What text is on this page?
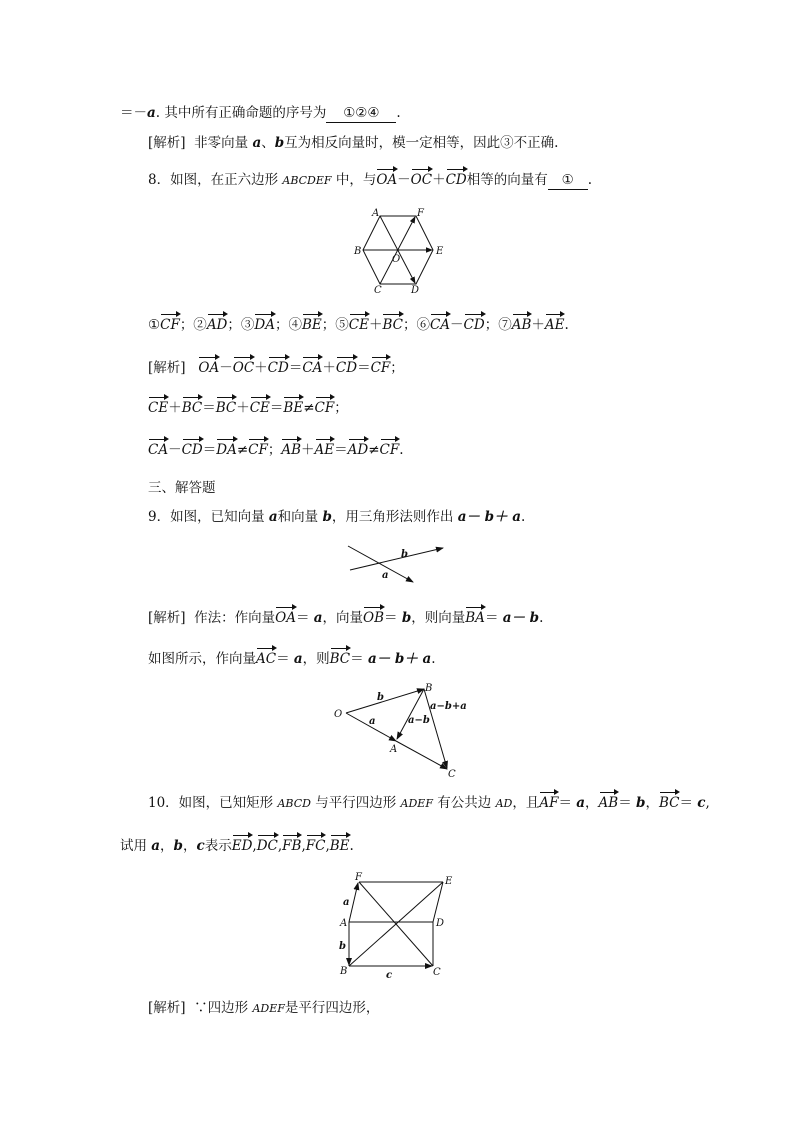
＝－a. 其中所有正确命题的序号为 ①②④ .
[解析] 非零向量 a、b互为相反向量时，模一定相等，因此③不正确.
8．如图，在正六边形 ABCDEF 中，与OA－OC＋CD相等的向量有 ① .
A	F
B	E
O
C	D
①CF；②AD；③DA；④BE；⑤CE＋BC；⑥CA－CD；⑦AB＋AE.
[解析] OA－OC＋CD＝CA＋CD＝CF；
CE＋BC＝BC＋CE＝BE≠CF；
CA－CD＝DA≠CF；AB＋AE＝AD≠CF.
三、解答题
9．如图，已知向量 a和向量 b，用三角形法则作出 a－ b＋ a.
b
a
[解析] 作法：作向量OA＝ a，向量OB＝ b，则向量BA＝ a－ b.
如图所示，作向量AC＝ a，则BC＝ a－ b＋ a.
O
B
A
C
b
a	a−b
a−b+a
10．如图，已知矩形 ABCD 与平行四边形 ADEF 有公共边 AD，且AF＝ a，AB＝ b，BC＝ c,
试用 a，b，c表示ED,DC,FB,FC,BE.
F	E
A	D
B	C
a
b
c
[解析] ∵四边形 ADEF是平行四边形，
